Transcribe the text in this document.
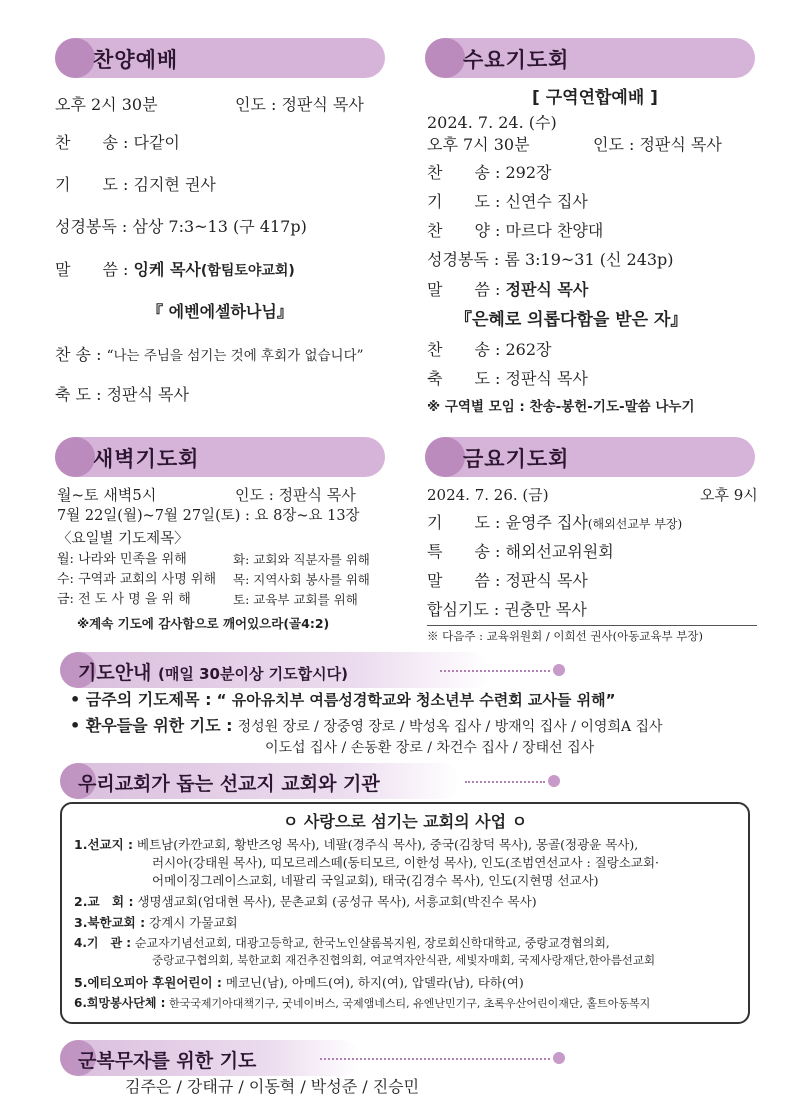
찬양예배
오후 2시 30분	인도 : 정판식 목사
찬　　송 : 다같이
기　　도 : 김지현 권사
성경봉독 : 삼상 7:3~13 (구 417p)
말　　씀 : 잉케 목사(함팀토야교회)
『 에벤에셀하나님』
찬 송 : “나는 주님을 섬기는 것에 후회가 없습니다”
축 도 : 정판식 목사
수요기도회
[ 구역연합예배 ]
2024. 7. 24. (수)
오후 7시 30분	인도 : 정판식 목사
찬　　송 : 292장
기　　도 : 신연수 집사
찬　　양 : 마르다 찬양대
성경봉독 : 롬 3:19~31 (신 243p)
말　　씀 : 정판식 목사
『은혜로 의롭다함을 받은 자』
찬　　송 : 262장
축　　도 : 정판식 목사
※ 구역별 모임 : 찬송-봉헌-기도-말씀 나누기
새벽기도회
월~토 새벽5시	인도 : 정판식 목사
7월 22일(월)~7월 27일(토) : 요 8장~요 13장
〈요일별 기도제목〉
월: 나라와 민족을 위해	화: 교회와 직분자를 위해
수: 구역과 교회의 사명 위해 목: 지역사회 봉사를 위해
금: 전 도 사 명 을 위 해	토: 교육부 교회를 위해
※계속 기도에 감사함으로 깨어있으라(골4:2)
금요기도회
2024. 7. 26. (금)	오후 9시
기　　도 : 윤영주 집사(해외선교부 부장)
특　　송 : 해외선교위원회
말　　씀 : 정판식 목사
합심기도 : 권충만 목사
※ 다음주 : 교육위원회 / 이희선 권사(아동교육부 부장)
기도안내 (매일 30분이상 기도합시다)
• 금주의 기도제목 : “ 유아유치부 여름성경학교와 청소년부 수련회 교사들 위해”
• 환우들을 위한 기도 : 정성원 장로 / 장중영 장로 / 박성옥 집사 / 방재익 집사 / 이영희A 집사
이도섭 집사 / 손동환 장로 / 차건수 집사 / 장태선 집사
우리교회가 돕는 선교지 교회와 기관
ㅇ 사랑으로 섬기는 교회의 사업 ㅇ
1.선교지 : 베트남(카깐교회, 황반즈엉 목사), 네팔(경주식 목사), 중국(김창덕 목사), 몽골(정광윤 목사),
러시아(강태원 목사), 띠모르레스떼(동티모르, 이한성 목사), 인도(조범연선교사 : 질랑소교회·
어메이징그레이스교회, 네팔리 국일교회), 태국(김경수 목사), 인도(지현명 선교사)
2.교　회 : 생명샘교회(엄대현 목사), 문촌교회 (공성규 목사), 서흥교회(박진수 목사)
3.북한교회 : 강계시 가물교회
4.기　관 : 순교자기념선교회, 대광고등학교, 한국노인샬롬복지원, 장로회신학대학교, 중랑교경협의회,
중랑교구협의회, 북한교회 재건추진협의회, 여교역자안식관, 세빛자매회, 국제사랑재단,한아름선교회
5.에티오피아 후원어린이 : 메코닌(남), 아메드(여), 하지(여), 압델라(남), 타하(여)
6.희망봉사단체 : 한국국제기아대책기구, 굿네이버스, 국제앰네스티, 유엔난민기구, 초록우산어린이재단, 홀트아동복지
군복무자를 위한 기도
김주은 / 강태규 / 이동혁 / 박성준 / 진승민
